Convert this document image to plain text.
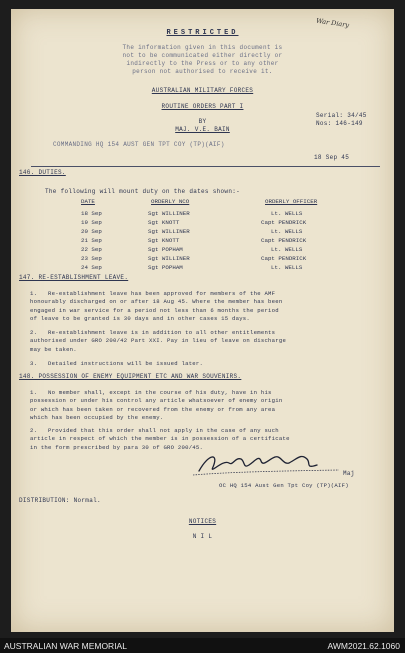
War Diary
RESTRICTED
The information given in this document is
not to be communicated either directly or
indirectly to the Press or to any other
person not authorised to receive it.
AUSTRALIAN MILITARY FORCES
ROUTINE ORDERS PART I
BY
MAJ. V.E. BAIN
Serial: 34/45
Nos: 146-149
COMMANDING HQ 154 AUST GEN TPT COY (TP)(AIF)
18 Sep 45
146. DUTIES.
The following will mount duty on the dates shown:-
DATE	ORDERLY NCO	ORDERLY OFFICER
18 Sep	Sgt WILLINER	Lt. WELLS
19 Sep	Sgt KNOTT	Capt PENDRICK
20 Sep	Sgt WILLINER	Lt. WELLS
21 Sep	Sgt KNOTT	Capt PENDRICK
22 Sep	Sgt POPHAM	Lt. WELLS
23 Sep	Sgt WILLINER	Capt PENDRICK
24 Sep	Sgt POPHAM	Lt. WELLS
147. RE-ESTABLISHMENT LEAVE.
1.   Re-establishment leave has been approved for members of the AMF
honourably discharged on or after 18 Aug 45. Where the member has been
engaged in war service for a period not less than 6 months the period
of leave to be granted is 30 days and in other cases 15 days.
2.   Re-establishment leave is in addition to all other entitlements
authorised under GRO 200/42 Part XXI. Pay in lieu of leave on discharge
may be taken.
3.   Detailed instructions will be issued later.
148. POSSESSION OF ENEMY EQUIPMENT ETC AND WAR SOUVENIRS.
1.   No member shall, except in the course of his duty, have in his
possession or under his control any article whatsoever of enemy origin
or which has been taken or recovered from the enemy or from any area
which has been occupied by the enemy.
2.   Provided that this order shall not apply in the case of any such
article in respect of which the member is in possession of a certificate
in the form prescribed by para 30 of GRO 200/45.
Maj
OC HQ 154 Aust Gen Tpt Coy (TP)(AIF)
DISTRIBUTION: Normal.
NOTICES
N I L
AUSTRALIAN WAR MEMORIAL	AWM2021.62.1060
